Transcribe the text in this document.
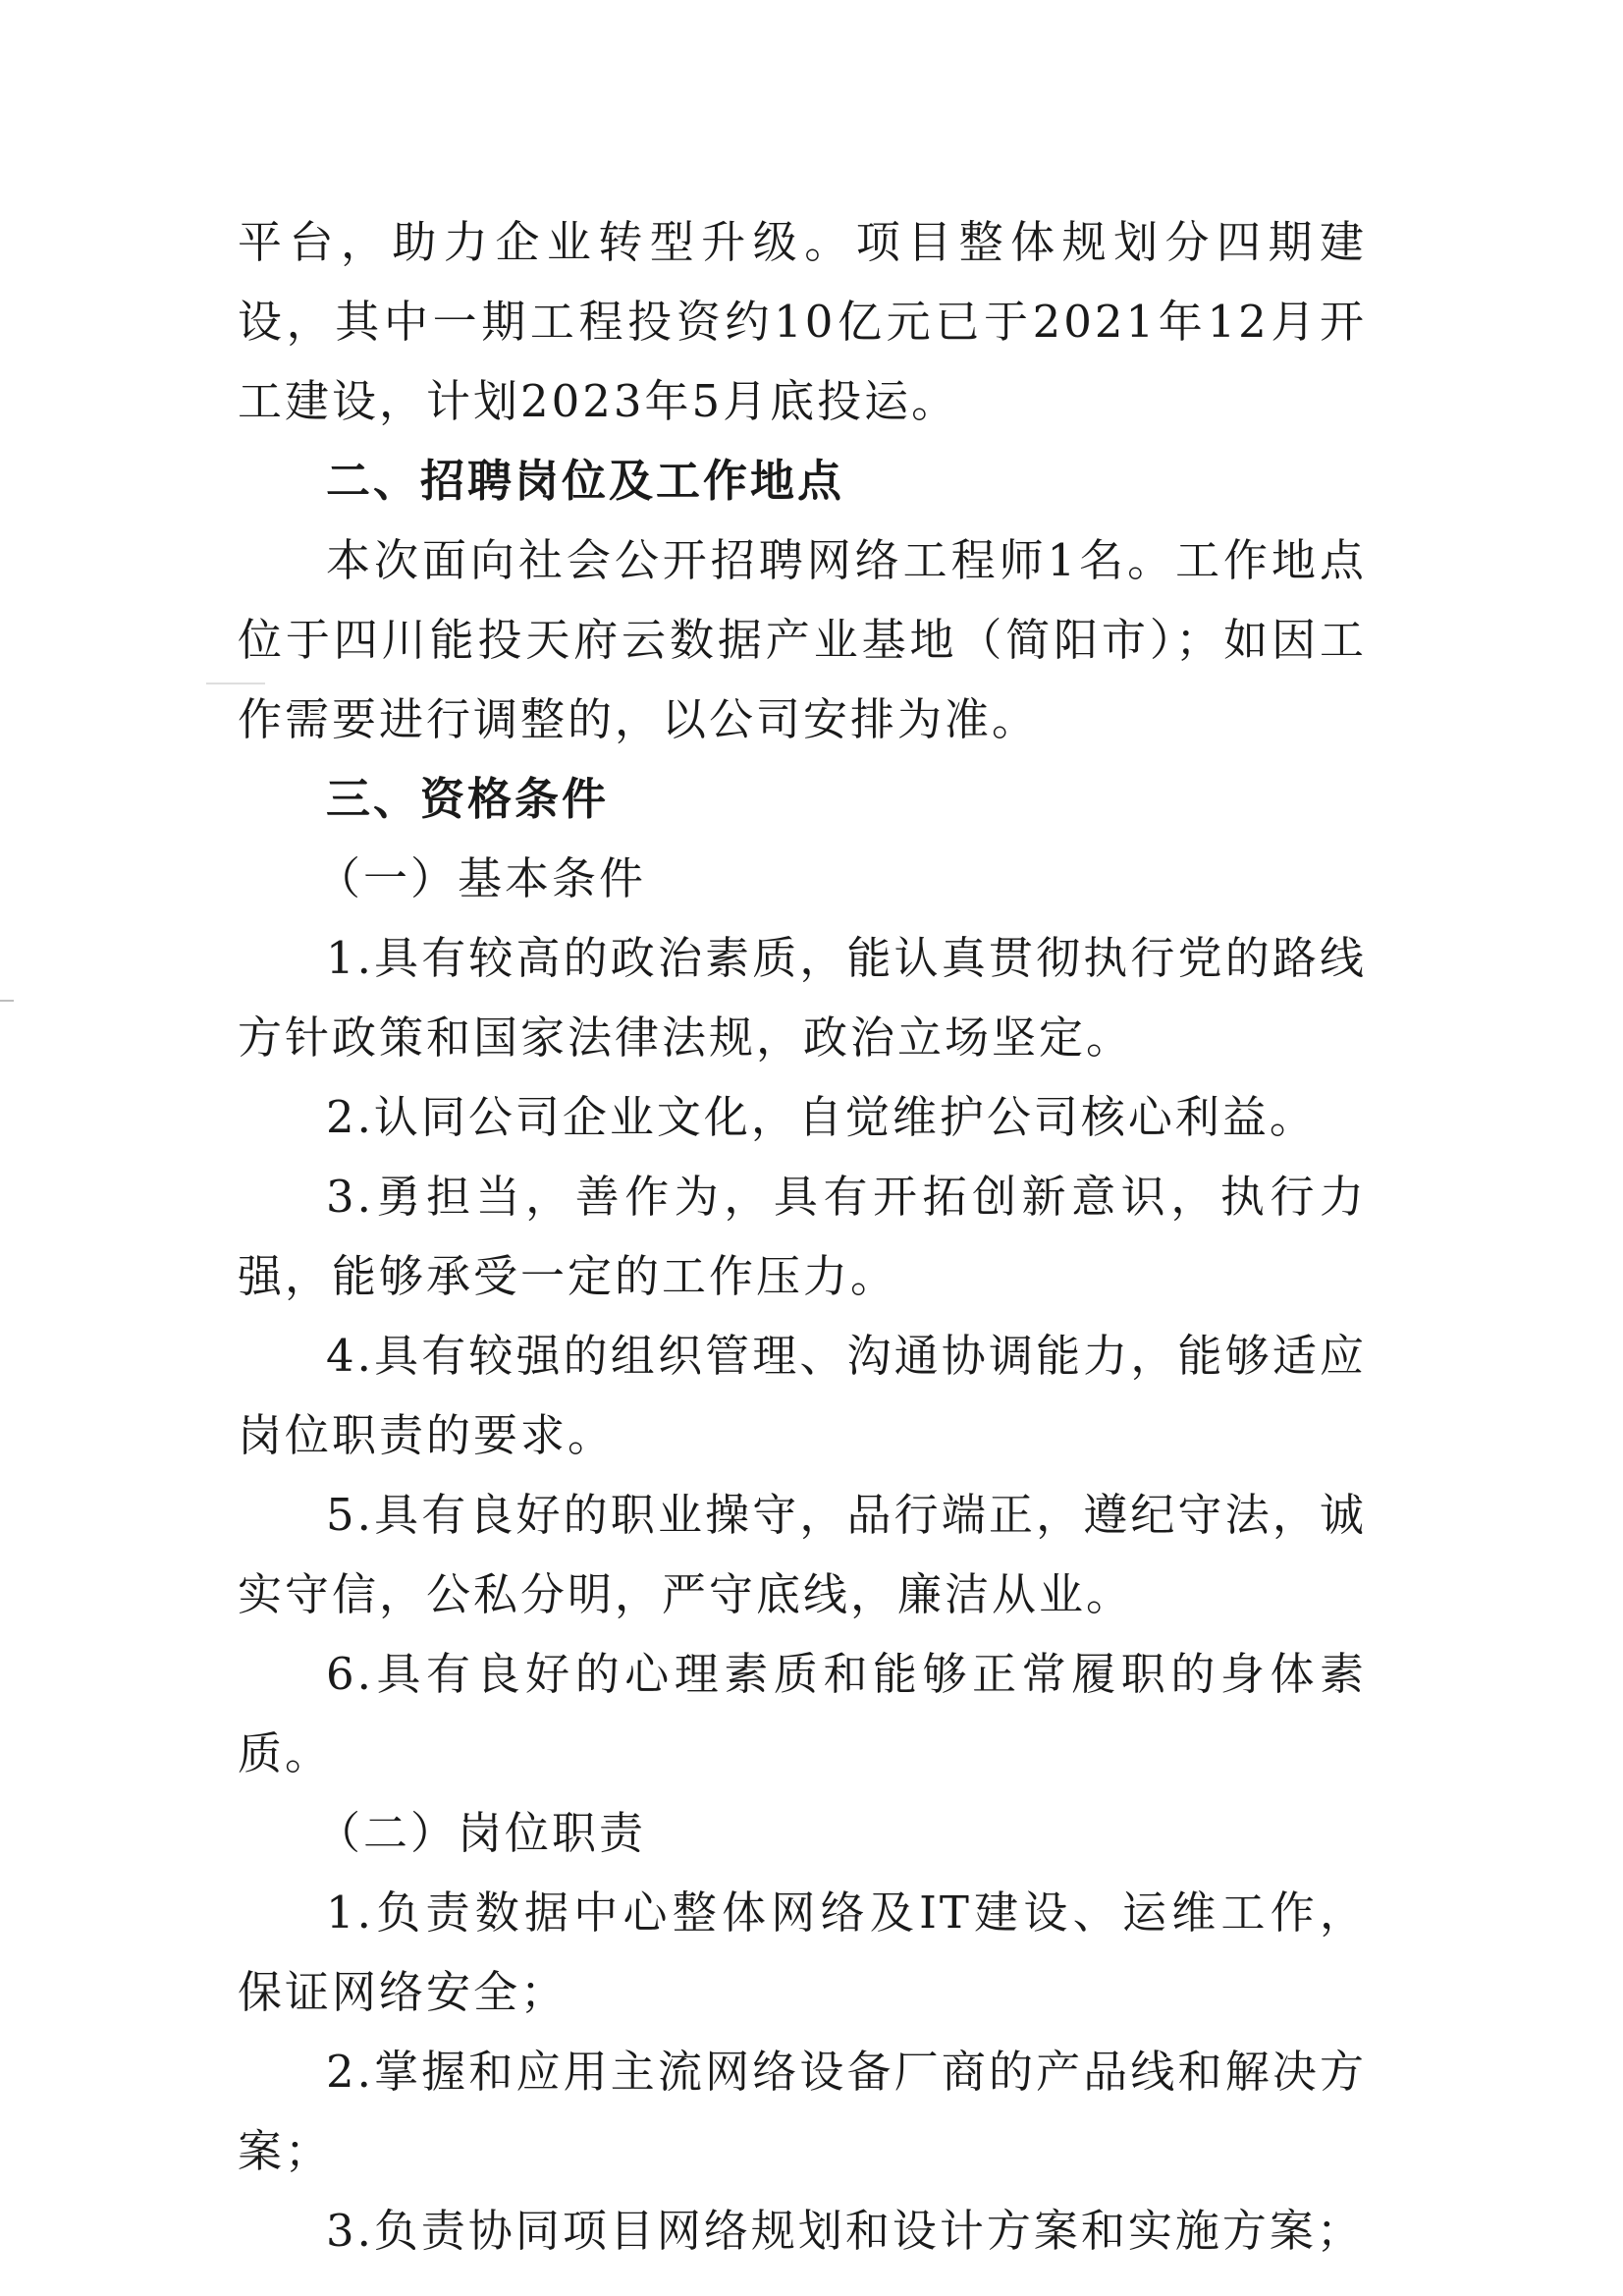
平台，助力企业转型升级。项目整体规划分四期建设，其中一期工程投资约10亿元已于2021年12月开工建设，计划2023年5月底投运。

二、招聘岗位及工作地点

本次面向社会公开招聘网络工程师1名。工作地点位于四川能投天府云数据产业基地（简阳市）；如因工作需要进行调整的，以公司安排为准。

三、资格条件

（一）基本条件

1.具有较高的政治素质，能认真贯彻执行党的路线方针政策和国家法律法规，政治立场坚定。

2.认同公司企业文化，自觉维护公司核心利益。

3.勇担当，善作为，具有开拓创新意识，执行力强，能够承受一定的工作压力。

4.具有较强的组织管理、沟通协调能力，能够适应岗位职责的要求。

5.具有良好的职业操守，品行端正，遵纪守法，诚实守信，公私分明，严守底线，廉洁从业。

6.具有良好的心理素质和能够正常履职的身体素质。

（二）岗位职责

1.负责数据中心整体网络及IT建设、运维工作，保证网络安全；

2.掌握和应用主流网络设备厂商的产品线和解决方案；

3.负责协同项目网络规划和设计方案和实施方案；
